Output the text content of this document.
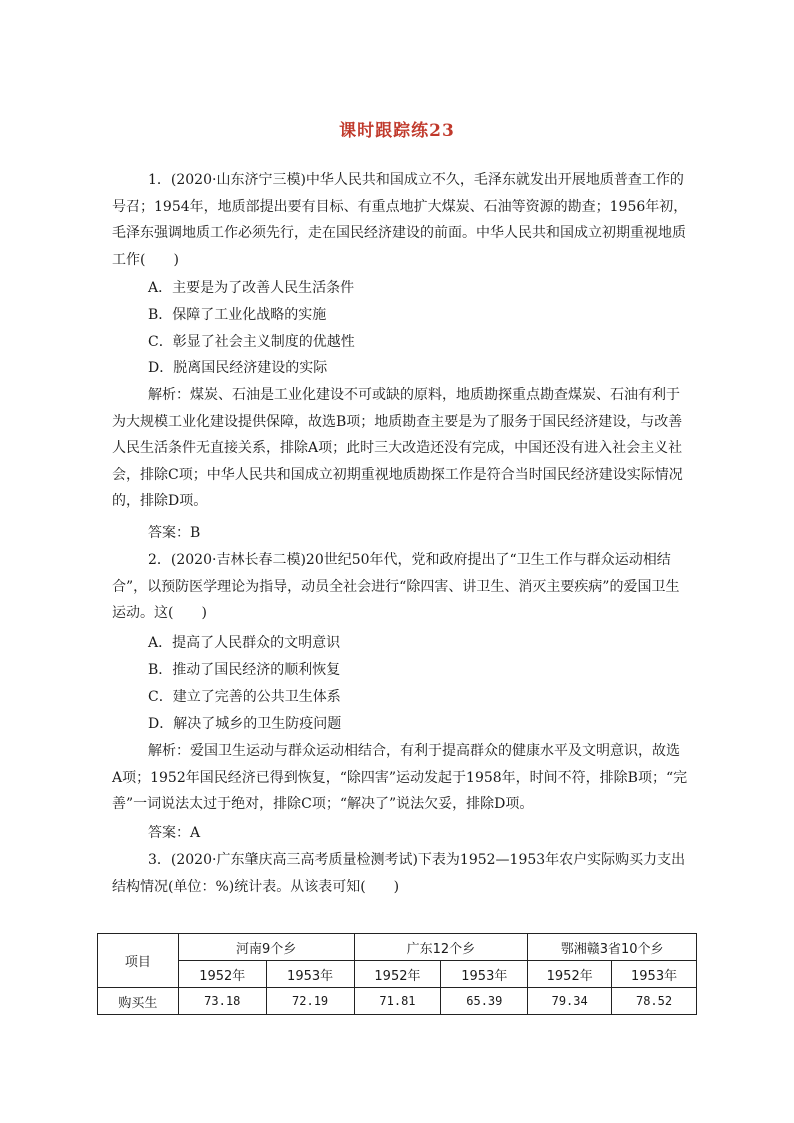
课时跟踪练23
1．(2020·山东济宁三模)中华人民共和国成立不久，毛泽东就发出开展地质普查工作的号召；1954年，地质部提出要有目标、有重点地扩大煤炭、石油等资源的勘查；1956年初，毛泽东强调地质工作必须先行，走在国民经济建设的前面。中华人民共和国成立初期重视地质工作(　　)
A．主要是为了改善人民生活条件
B．保障了工业化战略的实施
C．彰显了社会主义制度的优越性
D．脱离国民经济建设的实际
解析：煤炭、石油是工业化建设不可或缺的原料，地质勘探重点勘查煤炭、石油有利于为大规模工业化建设提供保障，故选B项；地质勘查主要是为了服务于国民经济建设，与改善人民生活条件无直接关系，排除A项；此时三大改造还没有完成，中国还没有进入社会主义社会，排除C项；中华人民共和国成立初期重视地质勘探工作是符合当时国民经济建设实际情况的，排除D项。
答案：B
2．(2020·吉林长春二模)20世纪50年代，党和政府提出了“卫生工作与群众运动相结合”，以预防医学理论为指导，动员全社会进行“除四害、讲卫生、消灭主要疾病”的爱国卫生运动。这(　　)
A．提高了人民群众的文明意识
B．推动了国民经济的顺利恢复
C．建立了完善的公共卫生体系
D．解决了城乡的卫生防疫问题
解析：爱国卫生运动与群众运动相结合，有利于提高群众的健康水平及文明意识，故选A项；1952年国民经济已得到恢复，“除四害”运动发起于1958年，时间不符，排除B项；“完善”一词说法太过于绝对，排除C项；“解决了”说法欠妥，排除D项。
答案：A
3．(2020·广东肇庆高三高考质量检测考试)下表为1952—1953年农户实际购买力支出结构情况(单位：%)统计表。从该表可知(　　)
项目	河南9个乡		广东12个乡		鄂湘赣3省10个乡	
	1952年	1953年	1952年	1953年	1952年	1953年
购买生	73.18	72.19	71.81	65.39	79.34	78.52
